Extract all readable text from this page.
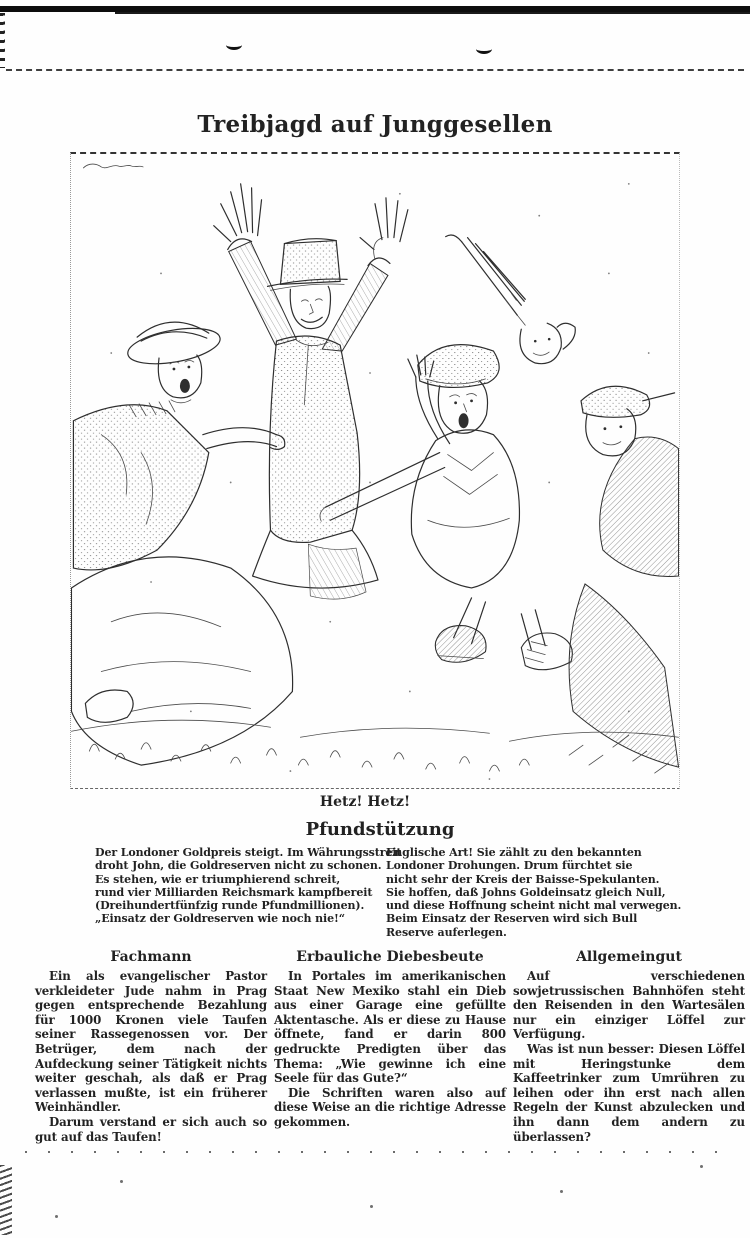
Treibjagd auf Junggesellen
Hetz! Hetz!
Pfundstützung
Der Londoner Goldpreis steigt. Im Währungsstreit
droht John, die Goldreserven nicht zu schonen.
Es stehen, wie er triumphierend schreit,
rund vier Milliarden Reichsmark kampfbereit
(Dreihundertfünfzig runde Pfundmillionen).
„Einsatz der Goldreserven wie noch nie!“
Englische Art! Sie zählt zu den bekannten
Londoner Drohungen. Drum fürchtet sie
nicht sehr der Kreis der Baisse-Spekulanten.
Sie hoffen, daß Johns Goldeinsatz gleich Null,
und diese Hoffnung scheint nicht mal verwegen.
Beim Einsatz der Reserven wird sich Bull
Reserve auferlegen.
Fachmann

Ein als evangelischer Pastor verkleideter Jude nahm in Prag gegen entsprechende Bezahlung für 1000 Kronen viele Taufen seiner Rassegenossen vor. Der Betrüger, dem nach der Aufdeckung seiner Tätigkeit nichts weiter geschah, als daß er Prag verlassen mußte, ist ein früherer Weinhändler.

Darum verstand er sich auch so gut auf das Taufen!

Erbauliche Diebesbeute

In Portales im amerikanischen Staat New Mexiko stahl ein Dieb aus einer Garage eine gefüllte Aktentasche. Als er diese zu Hause öffnete, fand er darin 800 gedruckte Predigten über das Thema: „Wie gewinne ich eine Seele für das Gute?“

Die Schriften waren also auf diese Weise an die richtige Adresse gekommen.

Allgemeingut

Auf verschiedenen sowjetrussischen Bahnhöfen steht den Reisenden in den Wartesälen nur ein einziger Löffel zur Verfügung.

Was ist nun besser: Diesen Löffel mit Heringstunke dem Kaffeetrinker zum Umrühren zu leihen oder ihn erst nach allen Regeln der Kunst abzulecken und ihn dann dem andern zu überlassen?
